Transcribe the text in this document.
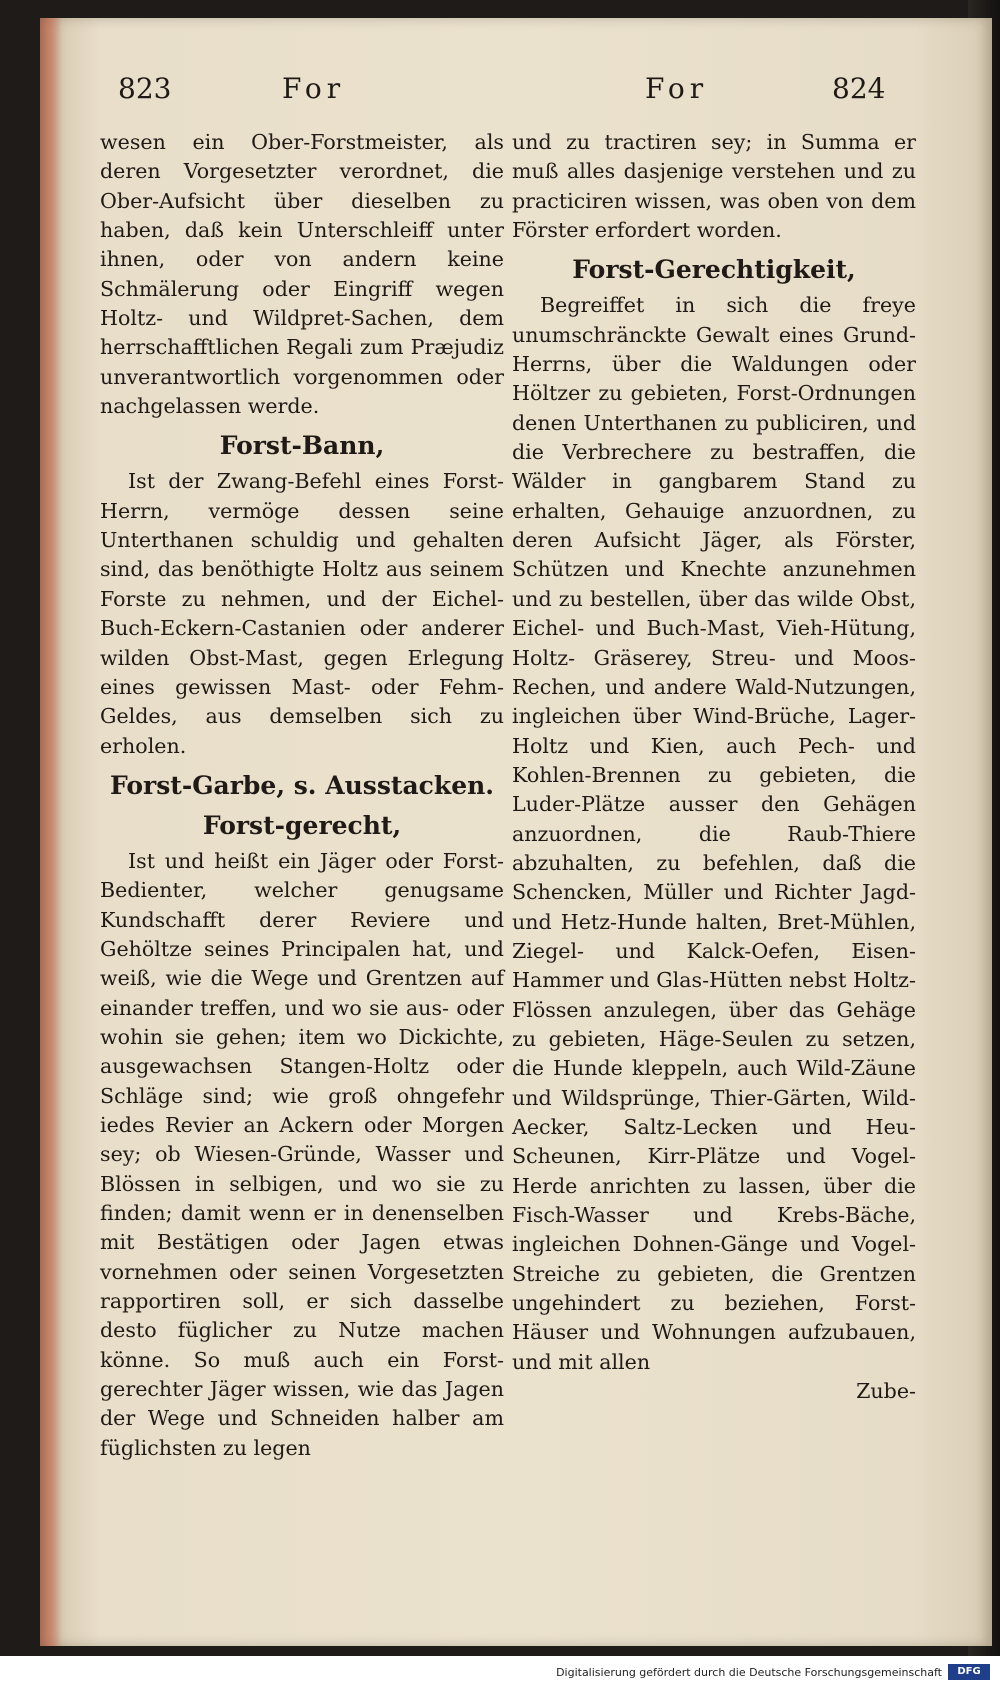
823	For	For	824

wesen ein Ober-Forstmeister, als deren Vorgesetzter verordnet, die Ober-Aufsicht über dieselben zu haben, daß kein Unterschleiff unter ihnen, oder von andern keine Schmälerung oder Eingriff wegen Holtz- und Wildpret-Sachen, dem herrschafftlichen Regali zum Præjudiz unverantwortlich vorgenommen oder nachgelassen werde.

Forst-Bann,

Ist der Zwang-Befehl eines Forst-Herrn, vermöge dessen seine Unterthanen schuldig und gehalten sind, das benöthigte Holtz aus seinem Forste zu nehmen, und der Eichel-Buch-Eckern-Castanien oder anderer wilden Obst-Mast, gegen Erlegung eines gewissen Mast- oder Fehm-Geldes, aus demselben sich zu erholen.

Forst-Garbe, s. Ausstacken.
Forst-gerecht,

Ist und heißt ein Jäger oder Forst-Bedienter, welcher genugsame Kundschafft derer Reviere und Gehöltze seines Principalen hat, und weiß, wie die Wege und Grentzen auf einander treffen, und wo sie aus- oder wohin sie gehen; item wo Dickichte, ausgewachsen Stangen-Holtz oder Schläge sind; wie groß ohngefehr iedes Revier an Ackern oder Morgen sey; ob Wiesen-Gründe, Wasser und Blössen in selbigen, und wo sie zu finden; damit wenn er in denenselben mit Bestätigen oder Jagen etwas vornehmen oder seinen Vorgesetzten rapportiren soll, er sich dasselbe desto füglicher zu Nutze machen könne. So muß auch ein Forst-gerechter Jäger wissen, wie das Jagen der Wege und Schneiden halber am füglichsten zu legen

und zu tractiren sey; in Summa er muß alles dasjenige verstehen und zu practiciren wissen, was oben von dem Förster erfordert worden.

Forst-Gerechtigkeit,

Begreiffet in sich die freye unumschränckte Gewalt eines Grund-Herrns, über die Waldungen oder Höltzer zu gebieten, Forst-Ordnungen denen Unterthanen zu publiciren, und die Verbrechere zu bestraffen, die Wälder in gangbarem Stand zu erhalten, Gehauige anzuordnen, zu deren Aufsicht Jäger, als Förster, Schützen und Knechte anzunehmen und zu bestellen, über das wilde Obst, Eichel- und Buch-Mast, Vieh-Hütung, Holtz- Gräserey, Streu- und Moos-Rechen, und andere Wald-Nutzungen, ingleichen über Wind-Brüche, Lager-Holtz und Kien, auch Pech- und Kohlen-Brennen zu gebieten, die Luder-Plätze ausser den Gehägen anzuordnen, die Raub-Thiere abzuhalten, zu befehlen, daß die Schencken, Müller und Richter Jagd- und Hetz-Hunde halten, Bret-Mühlen, Ziegel- und Kalck-Oefen, Eisen-Hammer und Glas-Hütten nebst Holtz-Flössen anzulegen, über das Gehäge zu gebieten, Häge-Seulen zu setzen, die Hunde kleppeln, auch Wild-Zäune und Wildsprünge, Thier-Gärten, Wild-Aecker, Saltz-Lecken und Heu-Scheunen, Kirr-Plätze und Vogel-Herde anrichten zu lassen, über die Fisch-Wasser und Krebs-Bäche, ingleichen Dohnen-Gänge und Vogel-Streiche zu gebieten, die Grentzen ungehindert zu beziehen, Forst-Häuser und Wohnungen aufzubauen, und mit allen

Zube-
Digitalisierung gefördert durch die Deutsche Forschungsgemeinschaft	DFG
